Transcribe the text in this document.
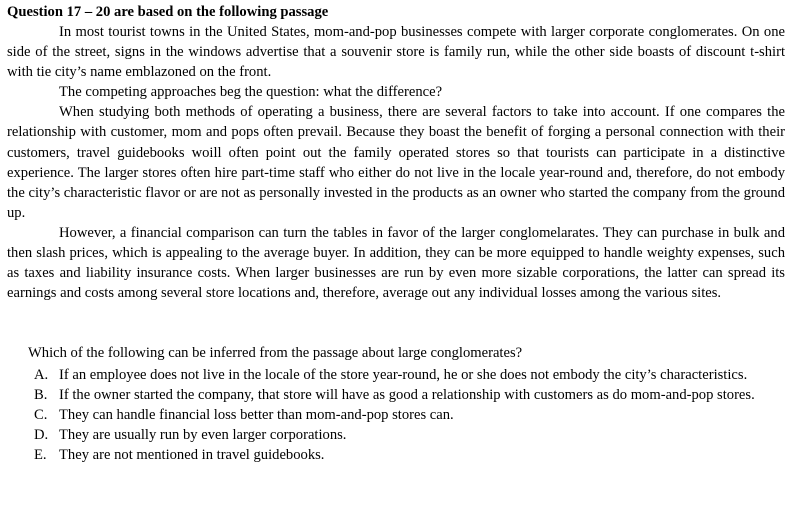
Question 17 – 20 are based on the following passage

In most tourist towns in the United States, mom-and-pop businesses compete with larger corporate conglomerates. On one side of the street, signs in the windows advertise that a souvenir store is family run, while the other side boasts of discount t-shirt with tie city’s name emblazoned on the front.

The competing approaches beg the question: what the difference?

When studying both methods of operating a business, there are several factors to take into account. If one compares the relationship with customer, mom and pops often prevail. Because they boast the benefit of forging a personal connection with their customers, travel guidebooks woill often point out the family operated stores so that tourists can participate in a distinctive experience. The larger stores often hire part-time staff who either do not live in the locale year-round and, therefore, do not embody the city’s characteristic flavor or are not as personally invested in the products as an owner who started the company from the ground up.

However, a financial comparison can turn the tables in favor of the larger conglomelarates. They can purchase in bulk and then slash prices, which is appealing to the average buyer. In addition, they can be more equipped to handle weighty expenses, such as taxes and liability insurance costs. When larger businesses are run by even more sizable corporations, the latter can spread its earnings and costs among several store locations and, therefore, average out any individual losses among the various sites.

Which of the following can be inferred from the passage about large conglomerates?

A. If an employee does not live in the locale of the store year-round, he or she does not embody the city’s characteristics.
B. If the owner started the company, that store will have as good a relationship with customers as do mom-and-pop stores.
C. They can handle financial loss better than mom-and-pop stores can.
D. They are usually run by even larger corporations.
E. They are not mentioned in travel guidebooks.
